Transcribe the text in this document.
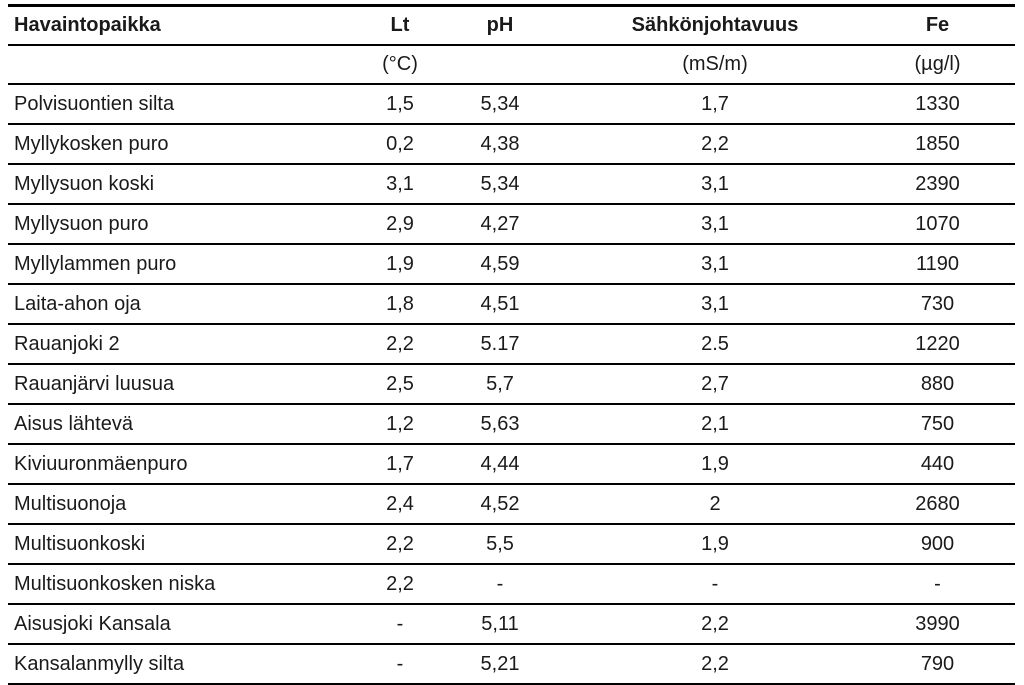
Havaintopaikka	Lt	pH	Sähkönjohtavuus	Fe
	(°C)		(mS/m)	(µg/l)
Polvisuontien silta	1,5	5,34	1,7	1330
Myllykosken puro	0,2	4,38	2,2	1850
Myllysuon koski	3,1	5,34	3,1	2390
Myllysuon puro	2,9	4,27	3,1	1070
Myllylammen puro	1,9	4,59	3,1	1190
Laita-ahon oja	1,8	4,51	3,1	730
Rauanjoki 2	2,2	5.17	2.5	1220
Rauanjärvi luusua	2,5	5,7	2,7	880
Aisus lähtevä	1,2	5,63	2,1	750
Kiviuuronmäenpuro	1,7	4,44	1,9	440
Multisuonoja	2,4	4,52	2	2680
Multisuonkoski	2,2	5,5	1,9	900
Multisuonkosken niska	2,2	-	-	-
Aisusjoki Kansala	-	5,11	2,2	3990
Kansalanmylly silta	-	5,21	2,2	790
